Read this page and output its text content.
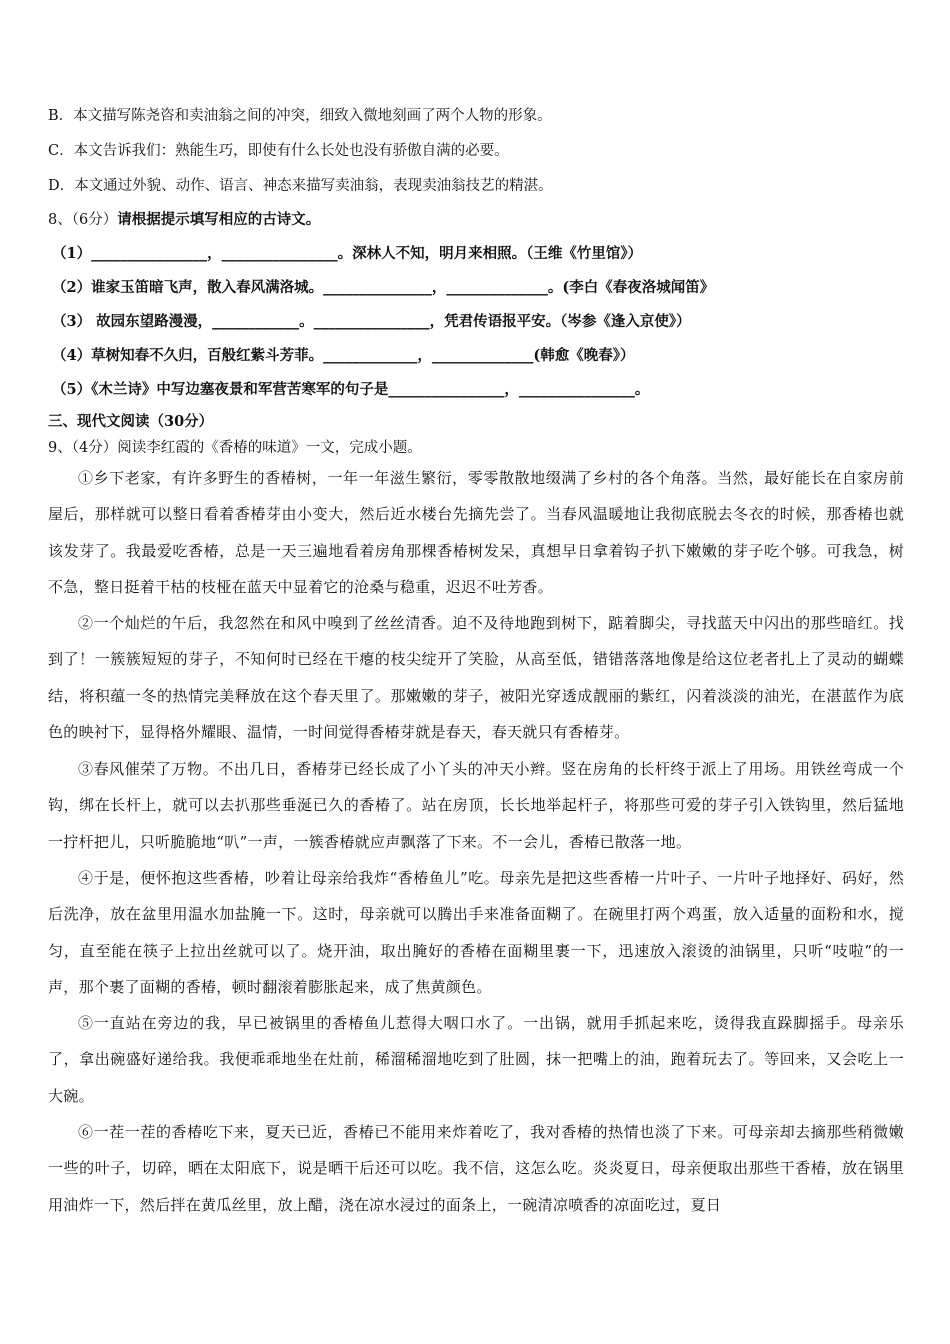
B．本文描写陈尧咨和卖油翁之间的冲突，细致入微地刻画了两个人物的形象。
C．本文告诉我们：熟能生巧，即使有什么长处也没有骄傲自满的必要。
D．本文通过外貌、动作、语言、神态来描写卖油翁，表现卖油翁技艺的精湛。
8、（6分）请根据提示填写相应的古诗文。
（1）________________，________________。深林人不知，明月来相照。（王维《竹里馆》）
（2）谁家玉笛暗飞声，散入春风满洛城。_______________，______________。(李白《春夜洛城闻笛》
（3） 故园东望路漫漫，____________。________________，凭君传语报平安。（岑参《逢入京使》）
（4）草树知春不久归，百般红紫斗芳菲。_____________，______________(韩愈《晚春》）
（5）《木兰诗》中写边塞夜景和军营苦寒军的句子是________________，________________。
三、现代文阅读（30分）
9、（4分）阅读李红霞的《香椿的味道》一文，完成小题。
①乡下老家，有许多野生的香椿树，一年一年滋生繁衍，零零散散地缀满了乡村的各个角落。当然，最好能长在自家房前屋后，那样就可以整日看着香椿芽由小变大，然后近水楼台先摘先尝了。当春风温暖地让我彻底脱去冬衣的时候，那香椿也就该发芽了。我最爱吃香椿，总是一天三遍地看着房角那棵香椿树发呆，真想早日拿着钩子扒下嫩嫩的芽子吃个够。可我急，树不急，整日挺着干枯的枝桠在蓝天中显着它的沧桑与稳重，迟迟不吐芳香。
②一个灿烂的午后，我忽然在和风中嗅到了丝丝清香。迫不及待地跑到树下，踮着脚尖，寻找蓝天中闪出的那些暗红。找到了！一簇簇短短的芽子，不知何时已经在干瘪的枝尖绽开了笑脸，从高至低，错错落落地像是给这位老者扎上了灵动的蝴蝶结，将积蕴一冬的热情完美释放在这个春天里了。那嫩嫩的芽子，被阳光穿透成靓丽的紫红，闪着淡淡的油光，在湛蓝作为底色的映衬下，显得格外耀眼、温情，一时间觉得香椿芽就是春天，春天就只有香椿芽。
③春风催荣了万物。不出几日，香椿芽已经长成了小丫头的冲天小辫。竖在房角的长杆终于派上了用场。用铁丝弯成一个钩，绑在长杆上，就可以去扒那些垂涎已久的香椿了。站在房顶，长长地举起杆子，将那些可爱的芽子引入铁钩里，然后猛地一拧杆把儿，只听脆脆地“叭”一声，一簇香椿就应声飘落了下来。不一会儿，香椿已散落一地。
④于是，便怀抱这些香椿，吵着让母亲给我炸“香椿鱼儿”吃。母亲先是把这些香椿一片叶子、一片叶子地择好、码好，然后洗净，放在盆里用温水加盐腌一下。这时，母亲就可以腾出手来准备面糊了。在碗里打两个鸡蛋，放入适量的面粉和水，搅匀，直至能在筷子上拉出丝就可以了。烧开油，取出腌好的香椿在面糊里裹一下，迅速放入滚烫的油锅里，只听“吱啦”的一声，那个裹了面糊的香椿，顿时翻滚着膨胀起来，成了焦黄颜色。
⑤一直站在旁边的我，早已被锅里的香椿鱼儿惹得大咽口水了。一出锅，就用手抓起来吃，烫得我直跺脚摇手。母亲乐了，拿出碗盛好递给我。我便乖乖地坐在灶前，稀溜稀溜地吃到了肚圆，抹一把嘴上的油，跑着玩去了。等回来，又会吃上一大碗。
⑥一茬一茬的香椿吃下来，夏天已近，香椿已不能用来炸着吃了，我对香椿的热情也淡了下来。可母亲却去摘那些稍微嫩一些的叶子，切碎，晒在太阳底下，说是晒干后还可以吃。我不信，这怎么吃。炎炎夏日，母亲便取出那些干香椿，放在锅里用油炸一下，然后拌在黄瓜丝里，放上醋，浇在凉水浸过的面条上，一碗清凉喷香的凉面吃过，夏日
